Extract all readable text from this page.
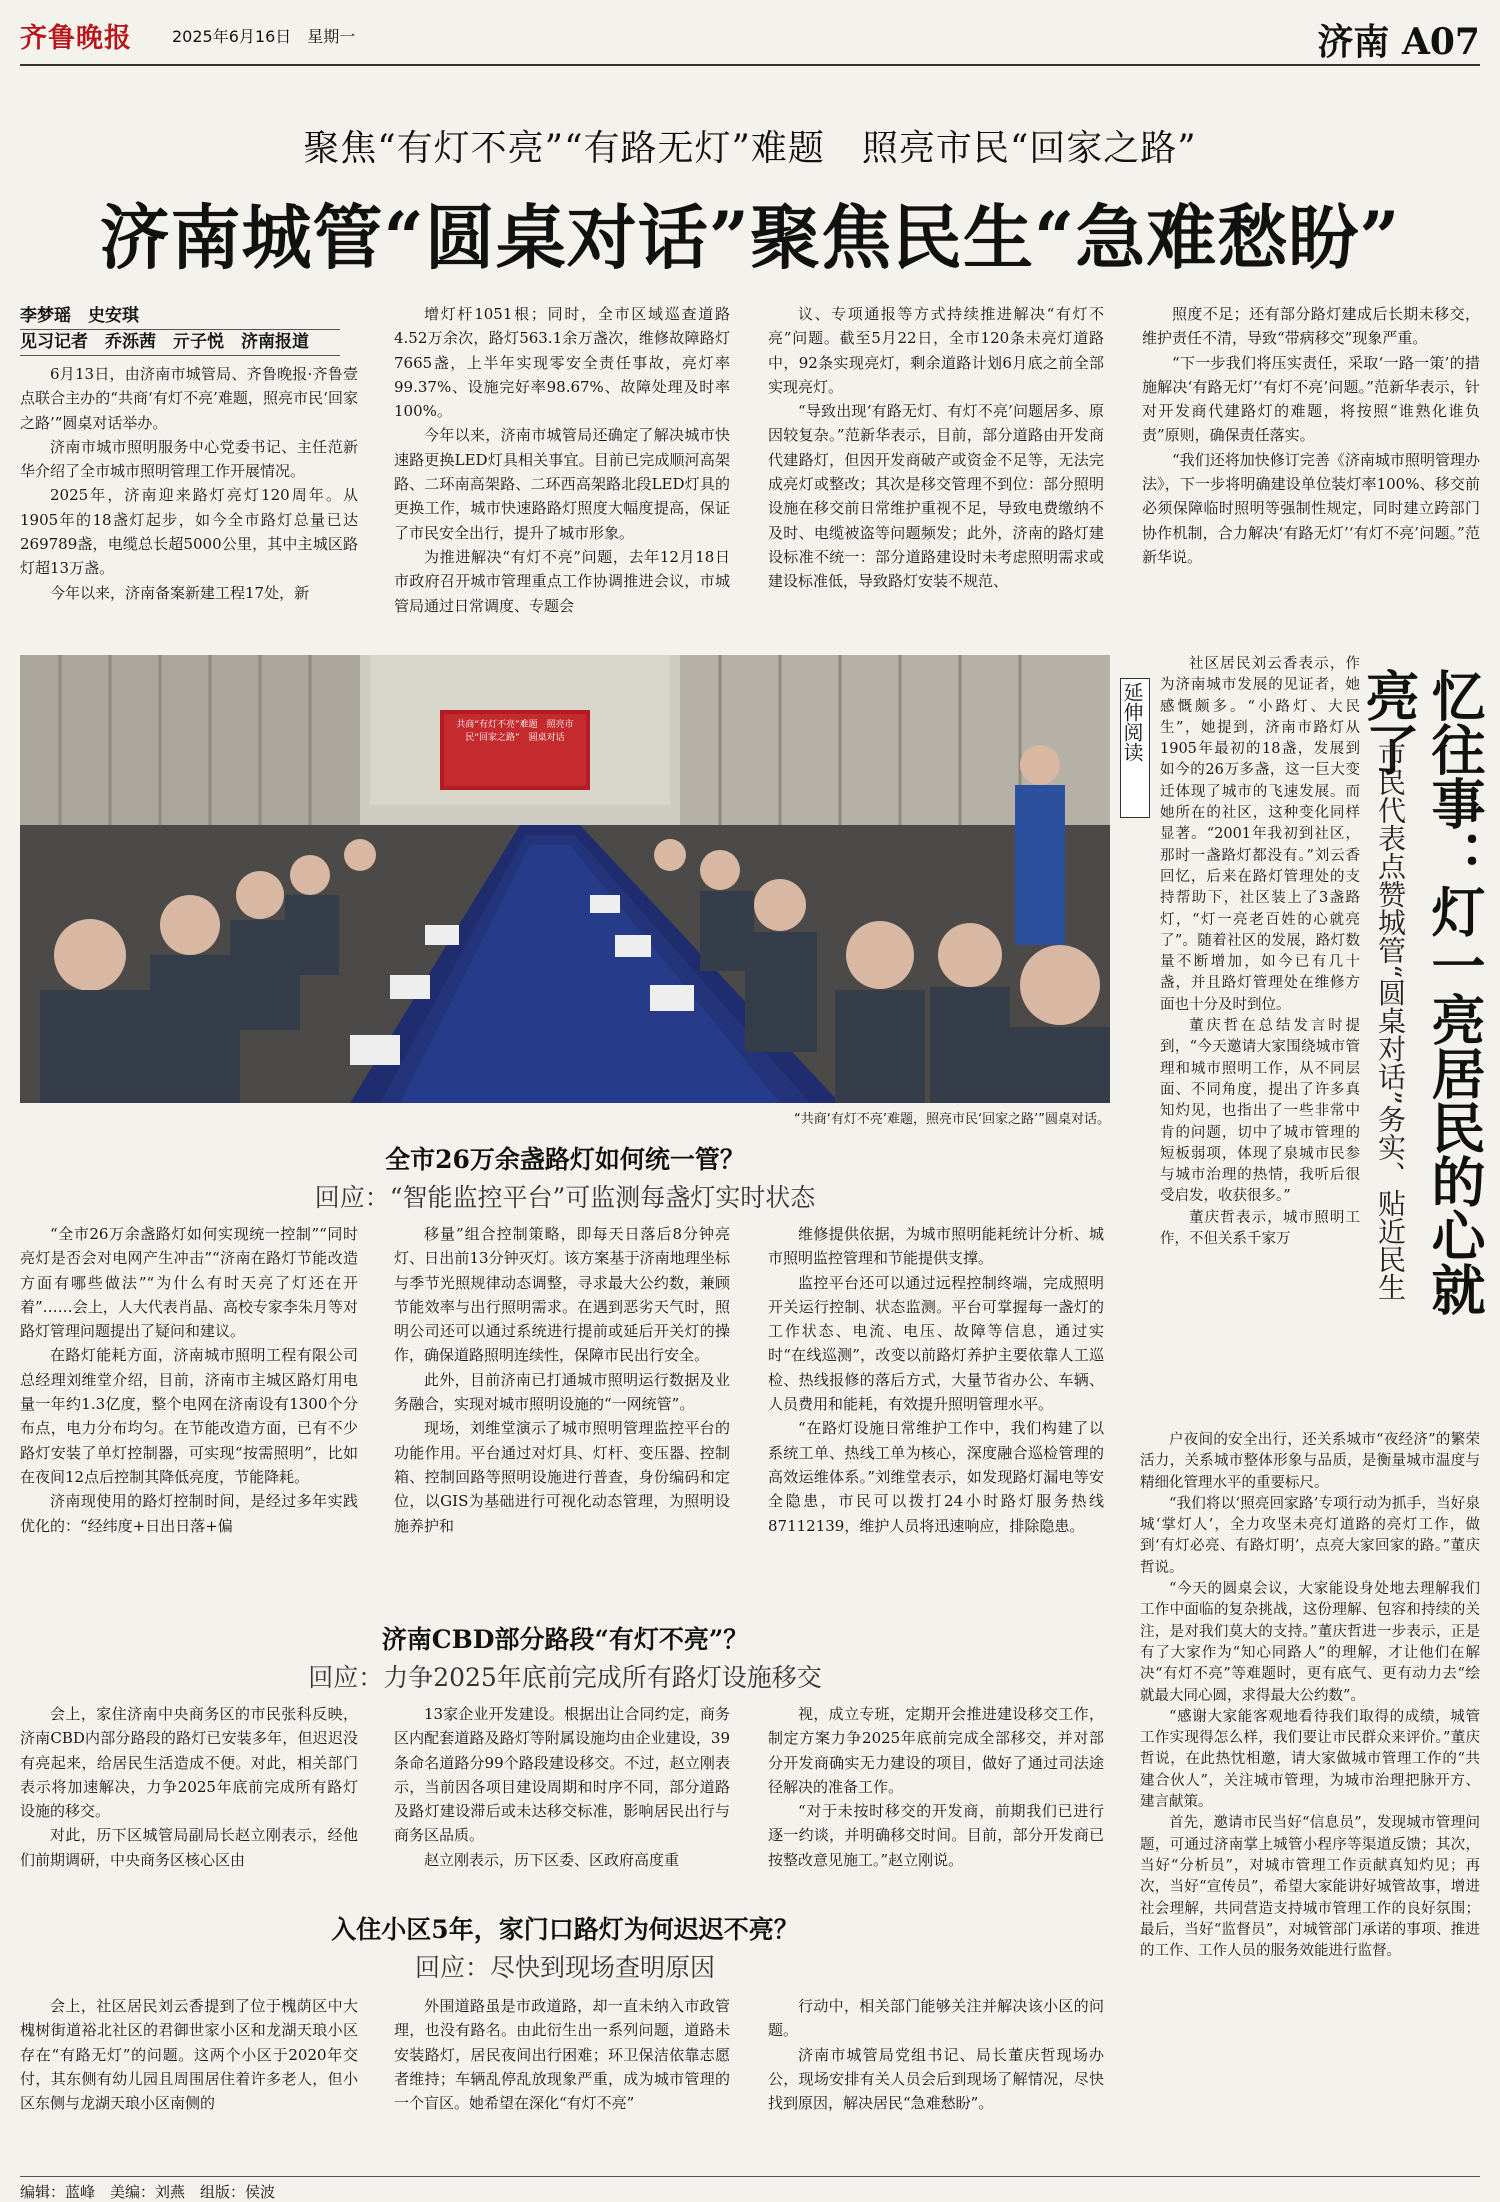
齐鲁晚报	2025年6月16日　星期一	济南 A07
聚焦“有灯不亮”“有路无灯”难题　照亮市民“回家之路”
济南城管“圆桌对话”聚焦民生“急难愁盼”
李梦瑶　史安琪
见习记者　乔泺茜　亓子悦　济南报道

6月13日，由济南市城管局、齐鲁晚报·齐鲁壹点联合主办的“共商‘有灯不亮’难题，照亮市民‘回家之路’”圆桌对话举办。

济南市城市照明服务中心党委书记、主任范新华介绍了全市城市照明管理工作开展情况。

2025年，济南迎来路灯亮灯120周年。从1905年的18盏灯起步，如今全市路灯总量已达269789盏，电缆总长超5000公里，其中主城区路灯超13万盏。

今年以来，济南备案新建工程17处，新

增灯杆1051根；同时，全市区域巡查道路4.52万余次，路灯563.1余万盏次，维修故障路灯7665盏，上半年实现零安全责任事故，亮灯率99.37%、设施完好率98.67%、故障处理及时率100%。

今年以来，济南市城管局还确定了解决城市快速路更换LED灯具相关事宜。目前已完成顺河高架路、二环南高架路、二环西高架路北段LED灯具的更换工作，城市快速路路灯照度大幅度提高，保证了市民安全出行，提升了城市形象。

为推进解决“有灯不亮”问题，去年12月18日市政府召开城市管理重点工作协调推进会议，市城管局通过日常调度、专题会

议、专项通报等方式持续推进解决“有灯不亮”问题。截至5月22日，全市120条未亮灯道路中，92条实现亮灯，剩余道路计划6月底之前全部实现亮灯。

“导致出现‘有路无灯、有灯不亮’问题居多、原因较复杂。”范新华表示，目前，部分道路由开发商代建路灯，但因开发商破产或资金不足等，无法完成亮灯或整改；其次是移交管理不到位：部分照明设施在移交前日常维护重视不足，导致电费缴纳不及时、电缆被盗等问题频发；此外，济南的路灯建设标准不统一：部分道路建设时未考虑照明需求或建设标准低，导致路灯安装不规范、

照度不足；还有部分路灯建成后长期未移交，维护责任不清，导致“带病移交”现象严重。

“下一步我们将压实责任，采取‘一路一策’的措施解决‘有路无灯’‘有灯不亮’问题。”范新华表示，针对开发商代建路灯的难题，将按照“谁熟化谁负责”原则，确保责任落实。

“我们还将加快修订完善《济南城市照明管理办法》，下一步将明确建设单位装灯率100%、移交前必须保障临时照明等强制性规定，同时建立跨部门协作机制，合力解决‘有路无灯’‘有灯不亮’问题。”范新华说。

共商“有灯不亮”难题　照亮市民“回家之路”　圆桌对话
“共商‘有灯不亮’难题，照亮市民‘回家之路’”圆桌对话。
全市26万余盏路灯如何统一管？
回应：“智能监控平台”可监测每盏灯实时状态

“全市26万余盏路灯如何实现统一控制”“同时亮灯是否会对电网产生冲击”“济南在路灯节能改造方面有哪些做法”“为什么有时天亮了灯还在开着”……会上，人大代表肖晶、高校专家李朱月等对路灯管理问题提出了疑问和建议。

在路灯能耗方面，济南城市照明工程有限公司总经理刘维堂介绍，目前，济南市主城区路灯用电量一年约1.3亿度，整个电网在济南设有1300个分布点，电力分布均匀。在节能改造方面，已有不少路灯安装了单灯控制器，可实现“按需照明”，比如在夜间12点后控制其降低亮度，节能降耗。

济南现使用的路灯控制时间，是经过多年实践优化的：“经纬度+日出日落+偏

移量”组合控制策略，即每天日落后8分钟亮灯、日出前13分钟灭灯。该方案基于济南地理坐标与季节光照规律动态调整，寻求最大公约数，兼顾节能效率与出行照明需求。在遇到恶劣天气时，照明公司还可以通过系统进行提前或延后开关灯的操作，确保道路照明连续性，保障市民出行安全。

此外，目前济南已打通城市照明运行数据及业务融合，实现对城市照明设施的“一网统管”。

现场，刘维堂演示了城市照明管理监控平台的功能作用。平台通过对灯具、灯杆、变压器、控制箱、控制回路等照明设施进行普查，身份编码和定位，以GIS为基础进行可视化动态管理，为照明设施养护和

维修提供依据，为城市照明能耗统计分析、城市照明监控管理和节能提供支撑。

监控平台还可以通过远程控制终端，完成照明开关运行控制、状态监测。平台可掌握每一盏灯的工作状态、电流、电压、故障等信息，通过实时“在线巡测”，改变以前路灯养护主要依靠人工巡检、热线报修的落后方式，大量节省办公、车辆、人员费用和能耗，有效提升照明管理水平。

“在路灯设施日常维护工作中，我们构建了以系统工单、热线工单为核心，深度融合巡检管理的高效运维体系。”刘维堂表示，如发现路灯漏电等安全隐患，市民可以拨打24小时路灯服务热线87112139，维护人员将迅速响应，排除隐患。

济南CBD部分路段“有灯不亮”？
回应：力争2025年底前完成所有路灯设施移交

会上，家住济南中央商务区的市民张科反映，济南CBD内部分路段的路灯已安装多年，但迟迟没有亮起来，给居民生活造成不便。对此，相关部门表示将加速解决，力争2025年底前完成所有路灯设施的移交。

对此，历下区城管局副局长赵立刚表示，经他们前期调研，中央商务区核心区由

13家企业开发建设。根据出让合同约定，商务区内配套道路及路灯等附属设施均由企业建设，39条命名道路分99个路段建设移交。不过，赵立刚表示，当前因各项目建设周期和时序不同，部分道路及路灯建设滞后或未达移交标准，影响居民出行与商务区品质。

赵立刚表示，历下区委、区政府高度重

视，成立专班，定期开会推进建设移交工作，制定方案力争2025年底前完成全部移交，并对部分开发商确实无力建设的项目，做好了通过司法途径解决的准备工作。

“对于未按时移交的开发商，前期我们已进行逐一约谈，并明确移交时间。目前，部分开发商已按整改意见施工。”赵立刚说。

入住小区5年，家门口路灯为何迟迟不亮？
回应：尽快到现场查明原因

会上，社区居民刘云香提到了位于槐荫区中大槐树街道裕北社区的君御世家小区和龙湖天琅小区存在“有路无灯”的问题。这两个小区于2020年交付，其东侧有幼儿园且周围居住着许多老人，但小区东侧与龙湖天琅小区南侧的

外围道路虽是市政道路，却一直未纳入市政管理，也没有路名。由此衍生出一系列问题，道路未安装路灯，居民夜间出行困难；环卫保洁依靠志愿者维持；车辆乱停乱放现象严重，成为城市管理的一个盲区。她希望在深化“有灯不亮”

行动中，相关部门能够关注并解决该小区的问题。

济南市城管局党组书记、局长董庆哲现场办公，现场安排有关人员会后到现场了解情况，尽快找到原因，解决居民“急难愁盼”。

延伸阅读	忆往事：灯一亮居民的心就亮了
市民代表点赞城管“圆桌对话”务实、贴近民生

社区居民刘云香表示，作为济南城市发展的见证者，她感慨颇多。“小路灯、大民生”，她提到，济南市路灯从1905年最初的18盏，发展到如今的26万多盏，这一巨大变迁体现了城市的飞速发展。而她所在的社区，这种变化同样显著。“2001年我初到社区，那时一盏路灯都没有。”刘云香回忆，后来在路灯管理处的支持帮助下，社区装上了3盏路灯，“灯一亮老百姓的心就亮了”。随着社区的发展，路灯数量不断增加，如今已有几十盏，并且路灯管理处在维修方面也十分及时到位。

董庆哲在总结发言时提到，“今天邀请大家围绕城市管理和城市照明工作，从不同层面、不同角度，提出了许多真知灼见，也指出了一些非常中肯的问题，切中了城市管理的短板弱项，体现了泉城市民参与城市治理的热情，我听后很受启发，收获很多。”

董庆哲表示，城市照明工作，不但关系千家万

户夜间的安全出行，还关系城市“夜经济”的繁荣活力，关系城市整体形象与品质，是衡量城市温度与精细化管理水平的重要标尺。

“我们将以‘照亮回家路’专项行动为抓手，当好泉城‘掌灯人’，全力攻坚未亮灯道路的亮灯工作，做到‘有灯必亮、有路灯明’，点亮大家回家的路。”董庆哲说。

“今天的圆桌会议，大家能设身处地去理解我们工作中面临的复杂挑战，这份理解、包容和持续的关注，是对我们莫大的支持。”董庆哲进一步表示，正是有了大家作为“知心同路人”的理解，才让他们在解决“有灯不亮”等难题时，更有底气、更有动力去“绘就最大同心圆，求得最大公约数”。

“感谢大家能客观地看待我们取得的成绩，城管工作实现得怎么样，我们要让市民群众来评价。”董庆哲说，在此热忱相邀，请大家做城市管理工作的“共建合伙人”，关注城市管理，为城市治理把脉开方、建言献策。

首先，邀请市民当好“信息员”，发现城市管理问题，可通过济南掌上城管小程序等渠道反馈；其次，当好“分析员”，对城市管理工作贡献真知灼见；再次，当好“宣传员”，希望大家能讲好城管故事，增进社会理解，共同营造支持城市管理工作的良好氛围；最后，当好“监督员”，对城管部门承诺的事项、推进的工作、工作人员的服务效能进行监督。

编辑：蓝峰　美编：刘燕　组版：侯波
